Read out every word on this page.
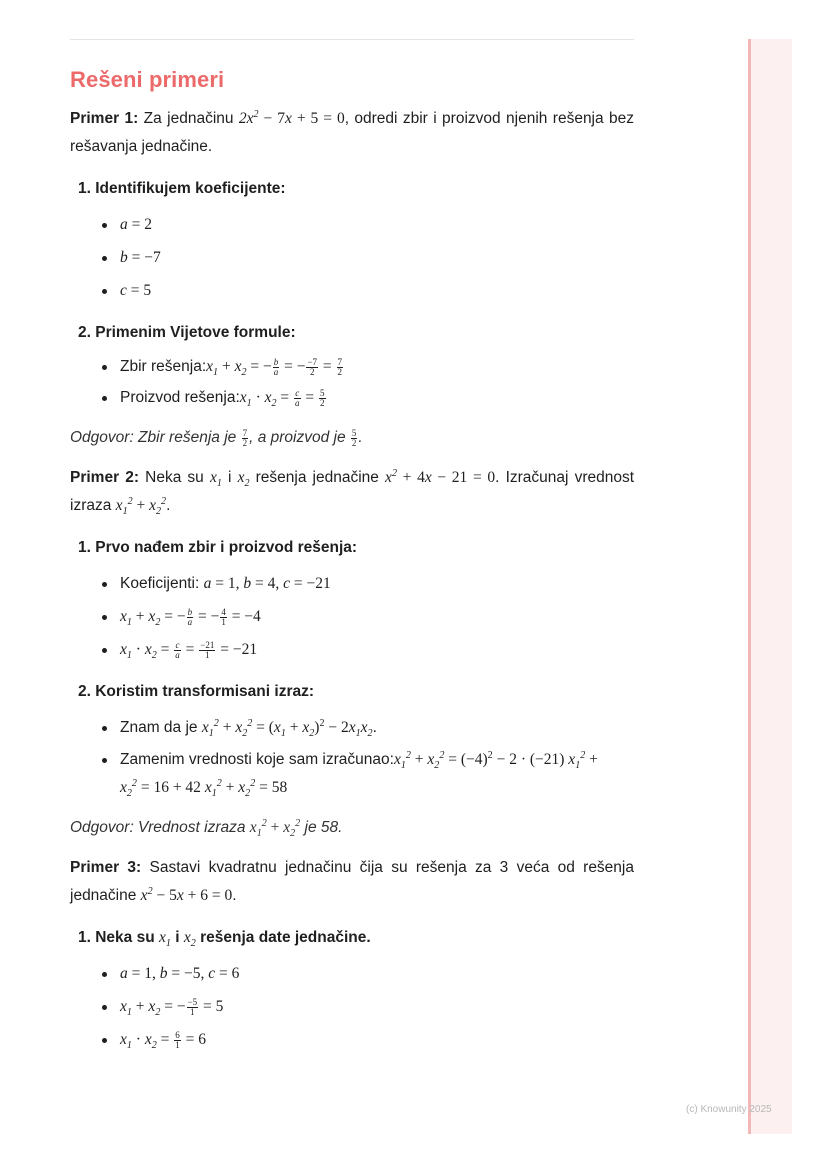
Rešeni primeri

Primer 1: Za jednačinu $2x^2 - 7x + 5 = 0$, odredi zbir i proizvod njenih rešenja bez rešavanja jednačine.

1. Identifikujem koeficijente:
a = 2
b = −7
c = 5
2. Primenim Vijetove formule:
Zbir $rešenja:x_1 + x_2$ = − $\frac{b}{a}$ = − $\frac{-7}{2} = \frac{7}{2}$
Proizvod $rešenja:x_1 \cdot x_2 = \frac{c}{a} = \frac{5}{2}$

Odgovor: Zbir rešenja je $\frac{7}{2}$ , a proizvod je $\frac{5}{2}$ .

Primer 2: Neka su $x_1$ i $x_2$ rešenja jednačine $x^2 + 4x - 21 = 0$. Izračunaj vrednost izraza $x_1^2 + x_2^2$.

1. Prvo nađem zbir i proizvod rešenja:
Koeficijenti: a = 1, b = 4, c = −21
$x_1 + x_2$ = − $\frac{b}{a}$ = − $\frac{4}{1} = -4$
$x_1 \cdot x_2 = \frac{c}{a} = \frac{-21}{1} = -21$
2. Koristim transformisani izraz:
Znam da je $x_1^2 + x_2^2 = (x_1 + x_2)^2 - 2x_1x_2$.
Zamenim vrednosti koje sam $izračunao:x_1^2 + x_2^2 = (-4)^2 - 2 \cdot (-21) x_1^2 + x_2^2 = 16 + 42$ $x_1^2 + x_2^2 = 58$

Odgovor: Vrednost izraza $x_1^2 + x_2^2$ je 58.

Primer 3: Sastavi kvadratnu jednačinu čija su rešenja za 3 veća od rešenja jednačine $x^2 - 5x + 6 = 0$.

1. Neka su $x_1$ i $x_2$ rešenja date jednačine.
a = 1, b = −5, c = 6
$x_1 + x_2$ = − $\frac{-5}{1} = 5$
$x_1 \cdot x_2 = \frac{6}{1} = 6$
(c) Knowunity 2025
